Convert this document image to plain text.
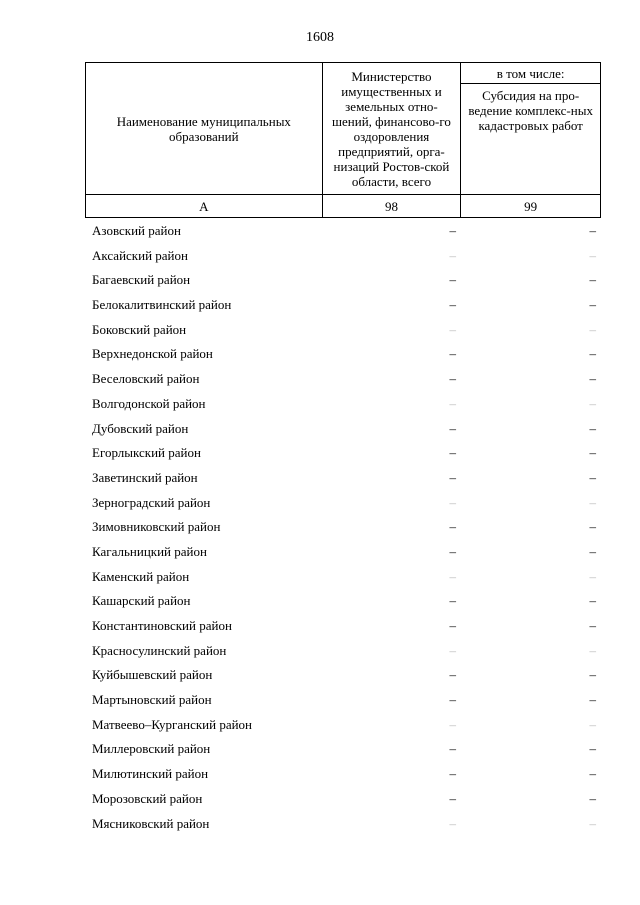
1608
Наименование муниципальных образований	Министерство имущественных и земельных отно-шений, финансово-го оздоровления предприятий, орга-низаций Ростов-ской области, всего	в том числе:
		Субсидия на про-ведение комплекс-ных кадастровых работ
А	98	99
Азовский район	–	–
Аксайский район	–	–
Багаевский район	–	–
Белокалитвинский район	–	–
Боковский район	–	–
Верхнедонской район	–	–
Веселовский район	–	–
Волгодонской район	–	–
Дубовский район	–	–
Егорлыкский район	–	–
Заветинский район	–	–
Зерноградский район	–	–
Зимовниковский район	–	–
Кагальницкий район	–	–
Каменский район	–	–
Кашарский район	–	–
Константиновский район	–	–
Красносулинский район	–	–
Куйбышевский район	–	–
Мартыновский район	–	–
Матвеево–Курганский район	–	–
Миллеровский район	–	–
Милютинский район	–	–
Морозовский район	–	–
Мясниковский район	–	–
